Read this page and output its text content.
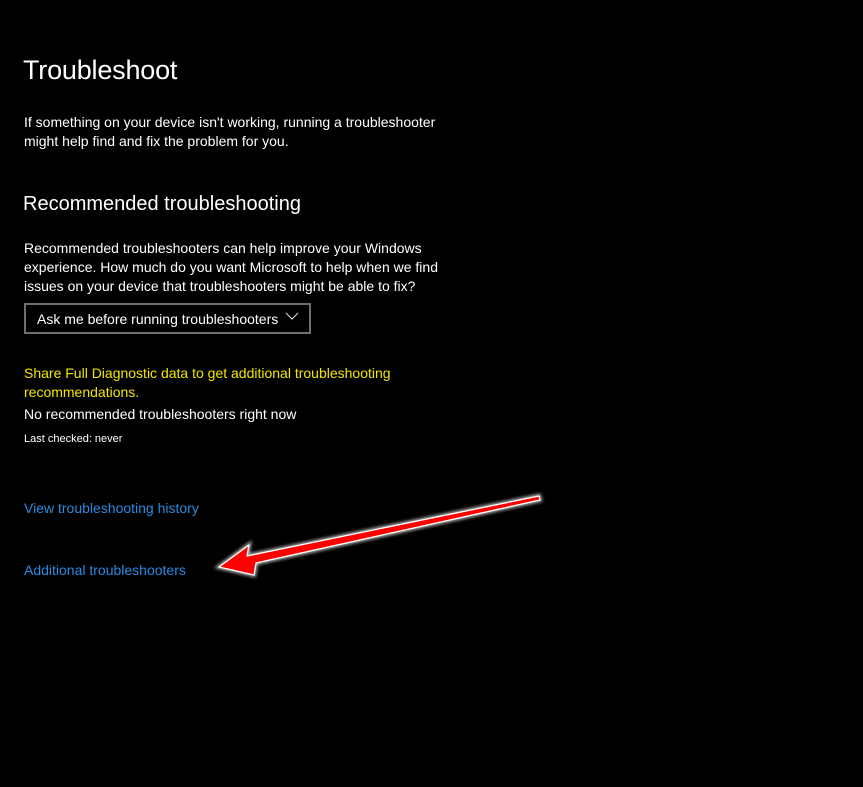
Troubleshoot
If something on your device isn't working, running a troubleshooter
might help find and fix the problem for you.
Recommended troubleshooting
Recommended troubleshooters can help improve your Windows
experience. How much do you want Microsoft to help when we find
issues on your device that troubleshooters might be able to fix?
Ask me before running troubleshooters
Share Full Diagnostic data to get additional troubleshooting
recommendations.
No recommended troubleshooters right now
Last checked: never
View troubleshooting history
Additional troubleshooters
